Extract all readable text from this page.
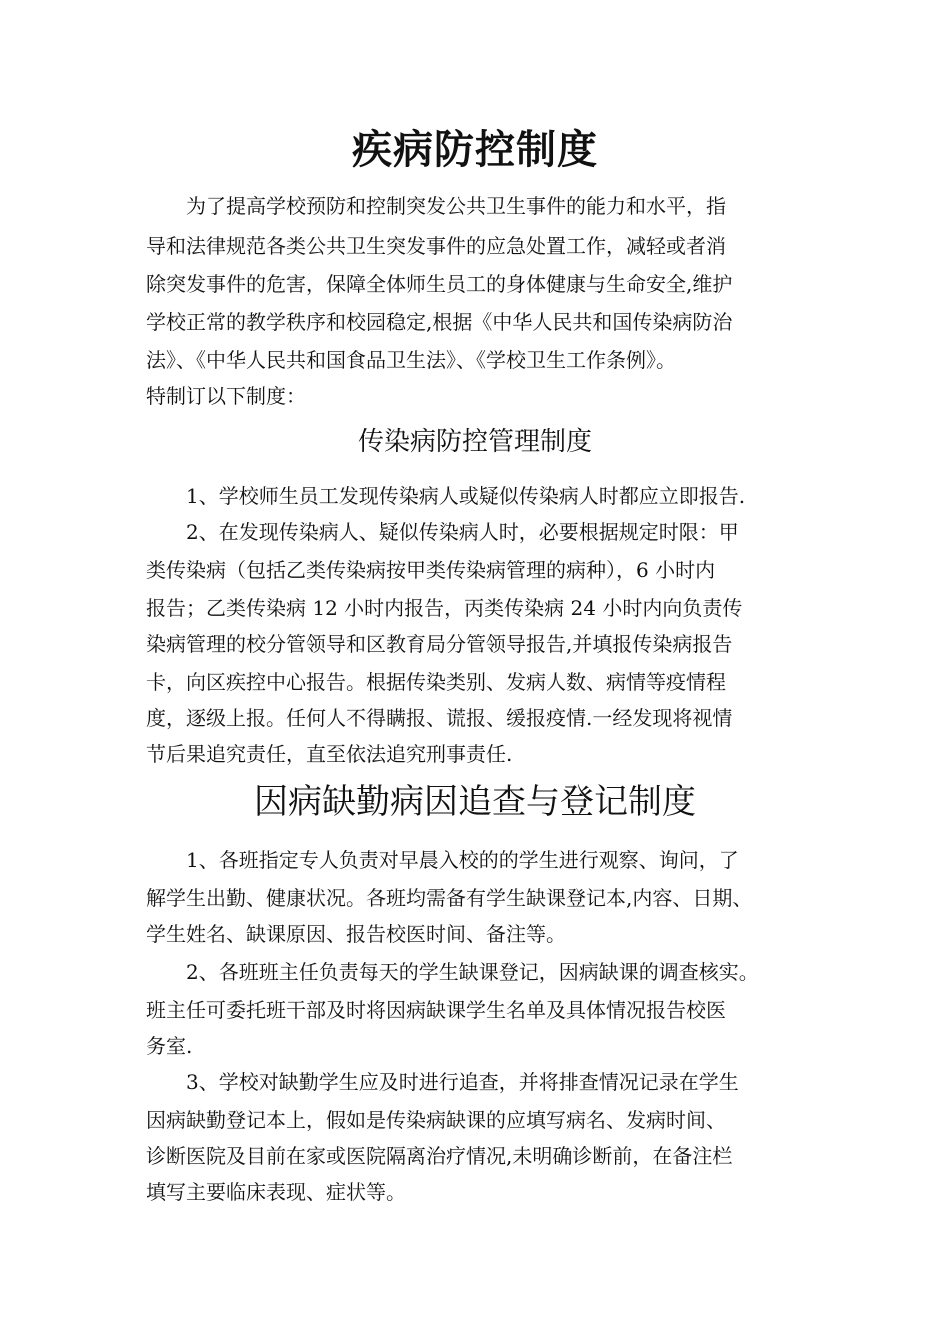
疾病防控制度

为了提高学校预防和控制突发公共卫生事件的能力和水平，指

导和法律规范各类公共卫生突发事件的应急处置工作，减轻或者消

除突发事件的危害，保障全体师生员工的身体健康与生命安全,维护

学校正常的教学秩序和校园稳定,根据《中华人民共和国传染病防治

法》、《中华人民共和国食品卫生法》、《学校卫生工作条例》。

特制订以下制度：

传染病防控管理制度

1、学校师生员工发现传染病人或疑似传染病人时都应立即报告.

2、在发现传染病人、疑似传染病人时，必要根据规定时限：甲

类传染病（包括乙类传染病按甲类传染病管理的病种），6 小时内

报告；乙类传染病 12 小时内报告，丙类传染病 24 小时内向负责传

染病管理的校分管领导和区教育局分管领导报告,并填报传染病报告

卡，向区疾控中心报告。根据传染类别、发病人数、病情等疫情程

度，逐级上报。任何人不得瞒报、谎报、缓报疫情.一经发现将视情

节后果追究责任，直至依法追究刑事责任.

因病缺勤病因追查与登记制度

1、各班指定专人负责对早晨入校的的学生进行观察、询问，了

解学生出勤、健康状况。各班均需备有学生缺课登记本,内容、日期、

学生姓名、缺课原因、报告校医时间、备注等。

2、各班班主任负责每天的学生缺课登记，因病缺课的调查核实。

班主任可委托班干部及时将因病缺课学生名单及具体情况报告校医

务室.

3、学校对缺勤学生应及时进行追查，并将排查情况记录在学生

因病缺勤登记本上，假如是传染病缺课的应填写病名、发病时间、

诊断医院及目前在家或医院隔离治疗情况,未明确诊断前，在备注栏

填写主要临床表现、症状等。
